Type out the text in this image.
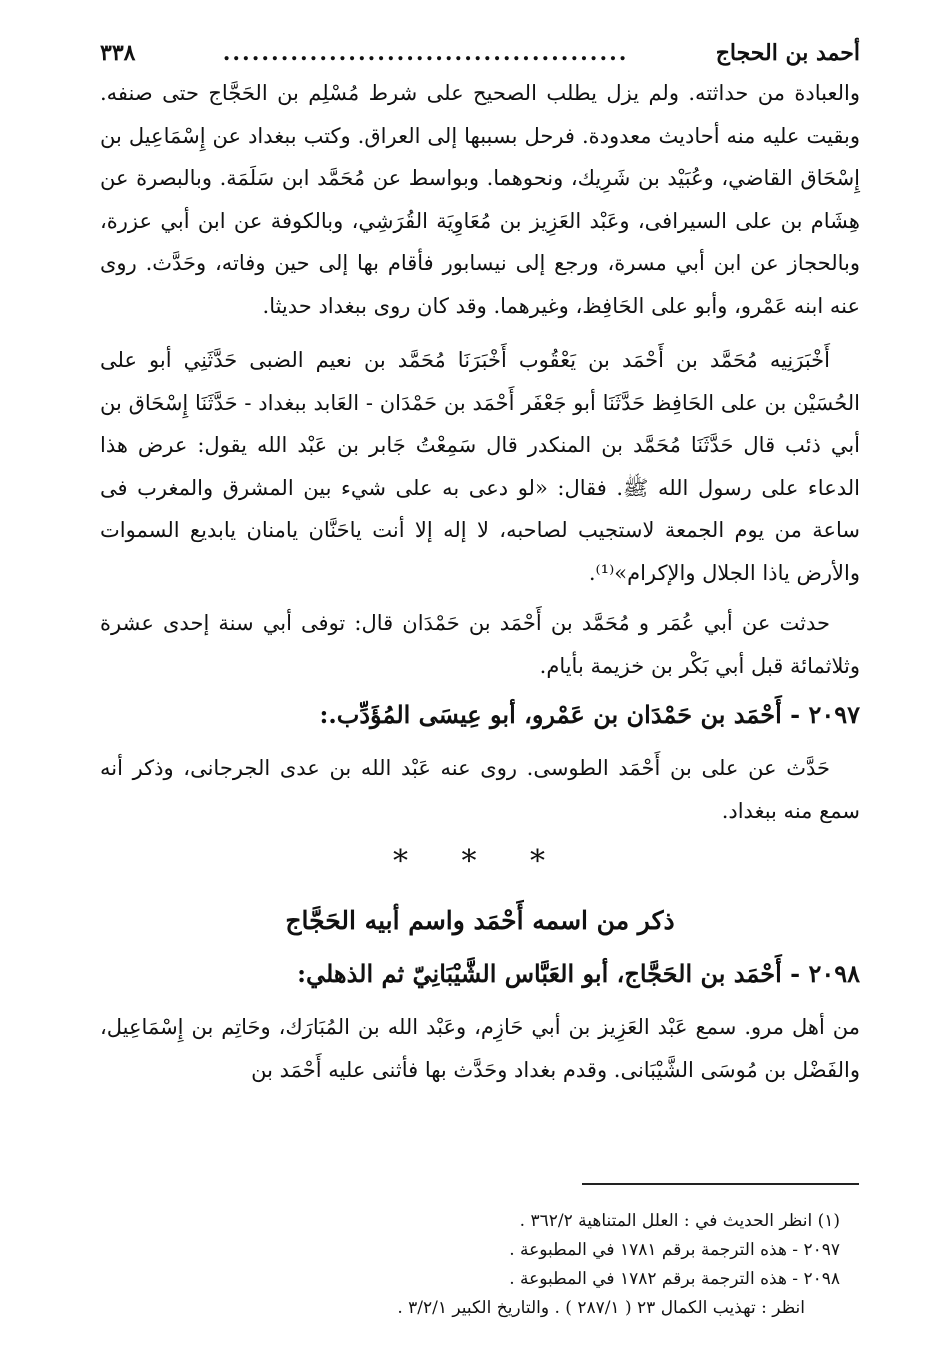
أحمد بن الحجاج
..........................................
٣٣٨

والعبادة من حداثته. ولم يزل يطلب الصحيح على شرط مُسْلِم بن الحَجَّاج حتى صنفه. وبقيت عليه منه أحاديث معدودة. فرحل بسببها إلى العراق. وكتب ببغداد عن إِسْمَاعِيل بن إِسْحَاق القاضي، وعُبَيْد بن شَرِيك، ونحوهما. وبواسط عن مُحَمَّد ابن سَلَمَة. وبالبصرة عن هِشَام بن على السيرافى، وعَبْد العَزِيز بن مُعَاوِيَة القُرَشِي، وبالكوفة عن ابن أبي عزرة، وبالحجاز عن ابن أبي مسرة، ورجع إلى نيسابور فأقام بها إلى حين وفاته، وحَدَّث. روى عنه ابنه عَمْرو، وأبو على الحَافِظ، وغيرهما. وقد كان روى ببغداد حديثا.

أَخْبَرَنِيه مُحَمَّد بن أَحْمَد بن يَعْقُوب أَخْبَرَنَا مُحَمَّد بن نعيم الضبى حَدَّثَنِي أبو على الحُسَيْن بن على الحَافِظ حَدَّثَنَا أبو جَعْفَر أَحْمَد بن حَمْدَان - العَابد ببغداد - حَدَّثَنَا إِسْحَاق بن أبي ذئب قال حَدَّثَنَا مُحَمَّد بن المنكدر قال سَمِعْتُ جَابر بن عَبْد الله يقول: عرض هذا الدعاء على رسول الله ﷺ. فقال: «لو دعى به على شيء بين المشرق والمغرب فى ساعة من يوم الجمعة لاستجيب لصاحبه، لا إله إلا أنت ياحَنَّان يامنان يابديع السموات والأرض ياذا الجلال والإكرام»⁽¹⁾.

حدثت عن أبي عُمَر و مُحَمَّد بن أَحْمَد بن حَمْدَان قال: توفى أبي سنة إحدى عشرة وثلاثمائة قبل أبي بَكْر بن خزيمة بأيام.

٢٠٩٧ - أَحْمَد بن حَمْدَان بن عَمْرو، أبو عِيسَى المُؤَدِّب.:

حَدَّث عن على بن أَحْمَد الطوسى. روى عنه عَبْد الله بن عدى الجرجانى، وذكر أنه سمع منه ببغداد.

* * *
ذكر من اسمه أَحْمَد واسم أبيه الحَجَّاج
٢٠٩٨ - أَحْمَد بن الحَجَّاج، أبو العَبَّاس الشَّيْبَانِيّ ثم الذهلي:

من أهل مرو. سمع عَبْد العَزِيز بن أبي حَازِم، وعَبْد الله بن المُبَارَك، وحَاتِم بن إِسْمَاعِيل، والفَضْل بن مُوسَى الشَّيْبَانى. وقدم بغداد وحَدَّث بها فأثنى عليه أَحْمَد بن

(١) انظر الحديث في : العلل المتناهية ٣٦٢/٢ .
٢٠٩٧ - هذه الترجمة برقم ١٧٨١ في المطبوعة .
٢٠٩٨ - هذه الترجمة برقم ١٧٨٢ في المطبوعة .
انظر : تهذيب الكمال ٢٣ ( ٢٨٧/١ ) . والتاريخ الكبير ٣/٢/١ .
